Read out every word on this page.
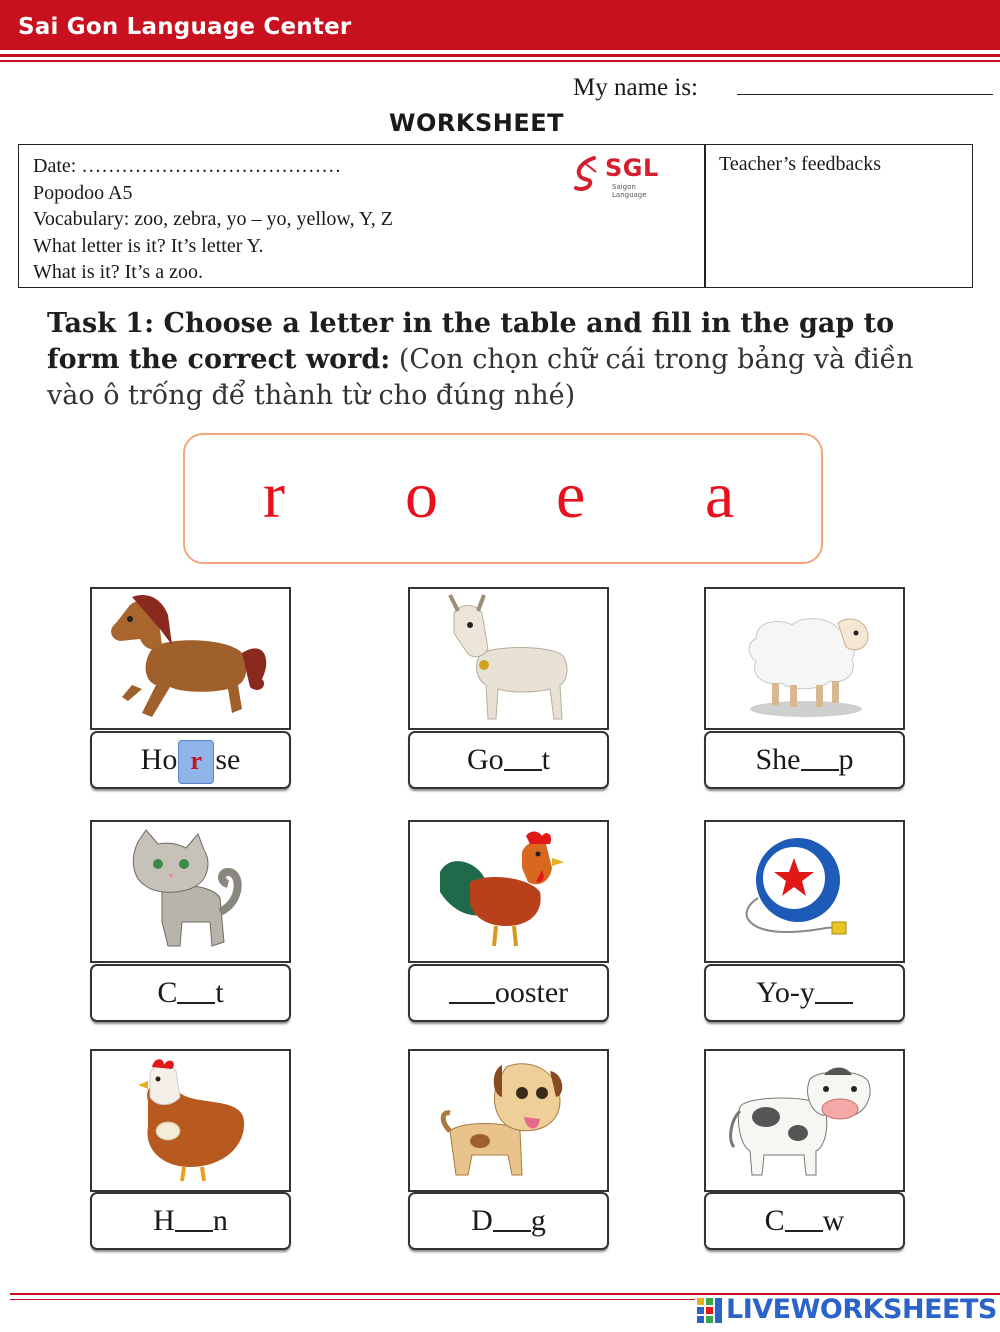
Sai Gon Language Center
My name is:
WORKSHEET
Date: …………………………………
Popodoo A5
Vocabulary: zoo, zebra, yo – yo, yellow, Y, Z
What letter is it? It’s letter Y.
What is it? It’s a zoo.
SGL
Saigon Language
Teacher’s feedbacks
Task 1: Choose a letter in the table and fill in the gap to form the correct word: (Con chọn chữ cái trong bảng và điền vào ô trống để thành từ cho đúng nhé)
r o e a
Ho r se	Go t	She p
C t	ooster	Yo-y
H n	D g	C w
LIVEWORKSHEETS
